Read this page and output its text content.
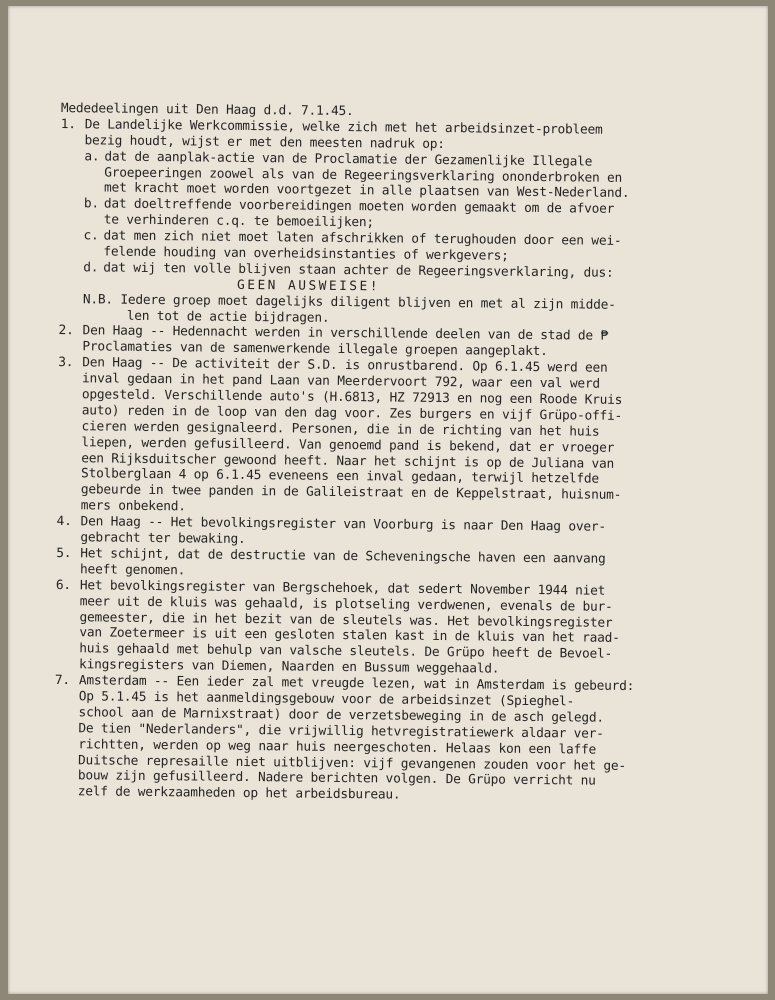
Mededeelingen uit Den Haag d.d. 7.1.45.
1. De Landelijke Werkcommissie, welke zich met het arbeidsinzet-probleem
bezig houdt, wijst er met den meesten nadruk op:
a. dat de aanplak-actie van de Proclamatie der Gezamenlijke Illegale
Groepeeringen zoowel als van de Regeeringsverklaring ononderbroken en
met kracht moet worden voortgezet in alle plaatsen van West-Nederland.
b. dat doeltreffende voorbereidingen moeten worden gemaakt om de afvoer
te verhinderen c.q. te bemoeilijken;
c. dat men zich niet moet laten afschrikken of terughouden door een wei-
felende houding van overheidsinstanties of werkgevers;
d. dat wij ten volle blijven staan achter de Regeeringsverklaring, dus:
GEEN AUSWEISE!
N.B. Iedere groep moet dagelijks diligent blijven en met al zijn midde-
len tot de actie bijdragen.
2. Den Haag -- Hedennacht werden in verschillende deelen van de stad de ₱
Proclamaties van de samenwerkende illegale groepen aangeplakt.
3. Den Haag -- De activiteit der S.D. is onrustbarend. Op 6.1.45 werd een
inval gedaan in het pand Laan van Meerdervoort 792, waar een val werd
opgesteld. Verschillende auto's (H.6813, HZ 72913 en nog een Roode Kruis
auto) reden in de loop van den dag voor. Zes burgers en vijf Grüpo-offi-
cieren werden gesignaleerd. Personen, die in de richting van het huis
liepen, werden gefusilleerd. Van genoemd pand is bekend, dat er vroeger
een Rijksduitscher gewoond heeft. Naar het schijnt is op de Juliana van
Stolberglaan 4 op 6.1.45 eveneens een inval gedaan, terwijl hetzelfde
gebeurde in twee panden in de Galileistraat en de Keppelstraat, huisnum-
mers onbekend.
4. Den Haag -- Het bevolkingsregister van Voorburg is naar Den Haag over-
gebracht ter bewaking.
5. Het schijnt, dat de destructie van de Scheveningsche haven een aanvang
heeft genomen.
6. Het bevolkingsregister van Bergschehoek, dat sedert November 1944 niet
meer uit de kluis was gehaald, is plotseling verdwenen, evenals de bur-
gemeester, die in het bezit van de sleutels was. Het bevolkingsregister
van Zoetermeer is uit een gesloten stalen kast in de kluis van het raad-
huis gehaald met behulp van valsche sleutels. De Grüpo heeft de Bevoel-
kingsregisters van Diemen, Naarden en Bussum weggehaald.
7. Amsterdam -- Een ieder zal met vreugde lezen, wat in Amsterdam is gebeurd:
Op 5.1.45 is het aanmeldingsgebouw voor de arbeidsinzet (Spieghel-
school aan de Marnixstraat) door de verzetsbeweging in de asch gelegd.
De tien "Nederlanders", die vrijwillig hetvregistratiewerk aldaar ver-
richtten, werden op weg naar huis neergeschoten. Helaas kon een laffe
Duitsche represaille niet uitblijven: vijf gevangenen zouden voor het ge-
bouw zijn gefusilleerd. Nadere berichten volgen. De Grüpo verricht nu
zelf de werkzaamheden op het arbeidsbureau.
